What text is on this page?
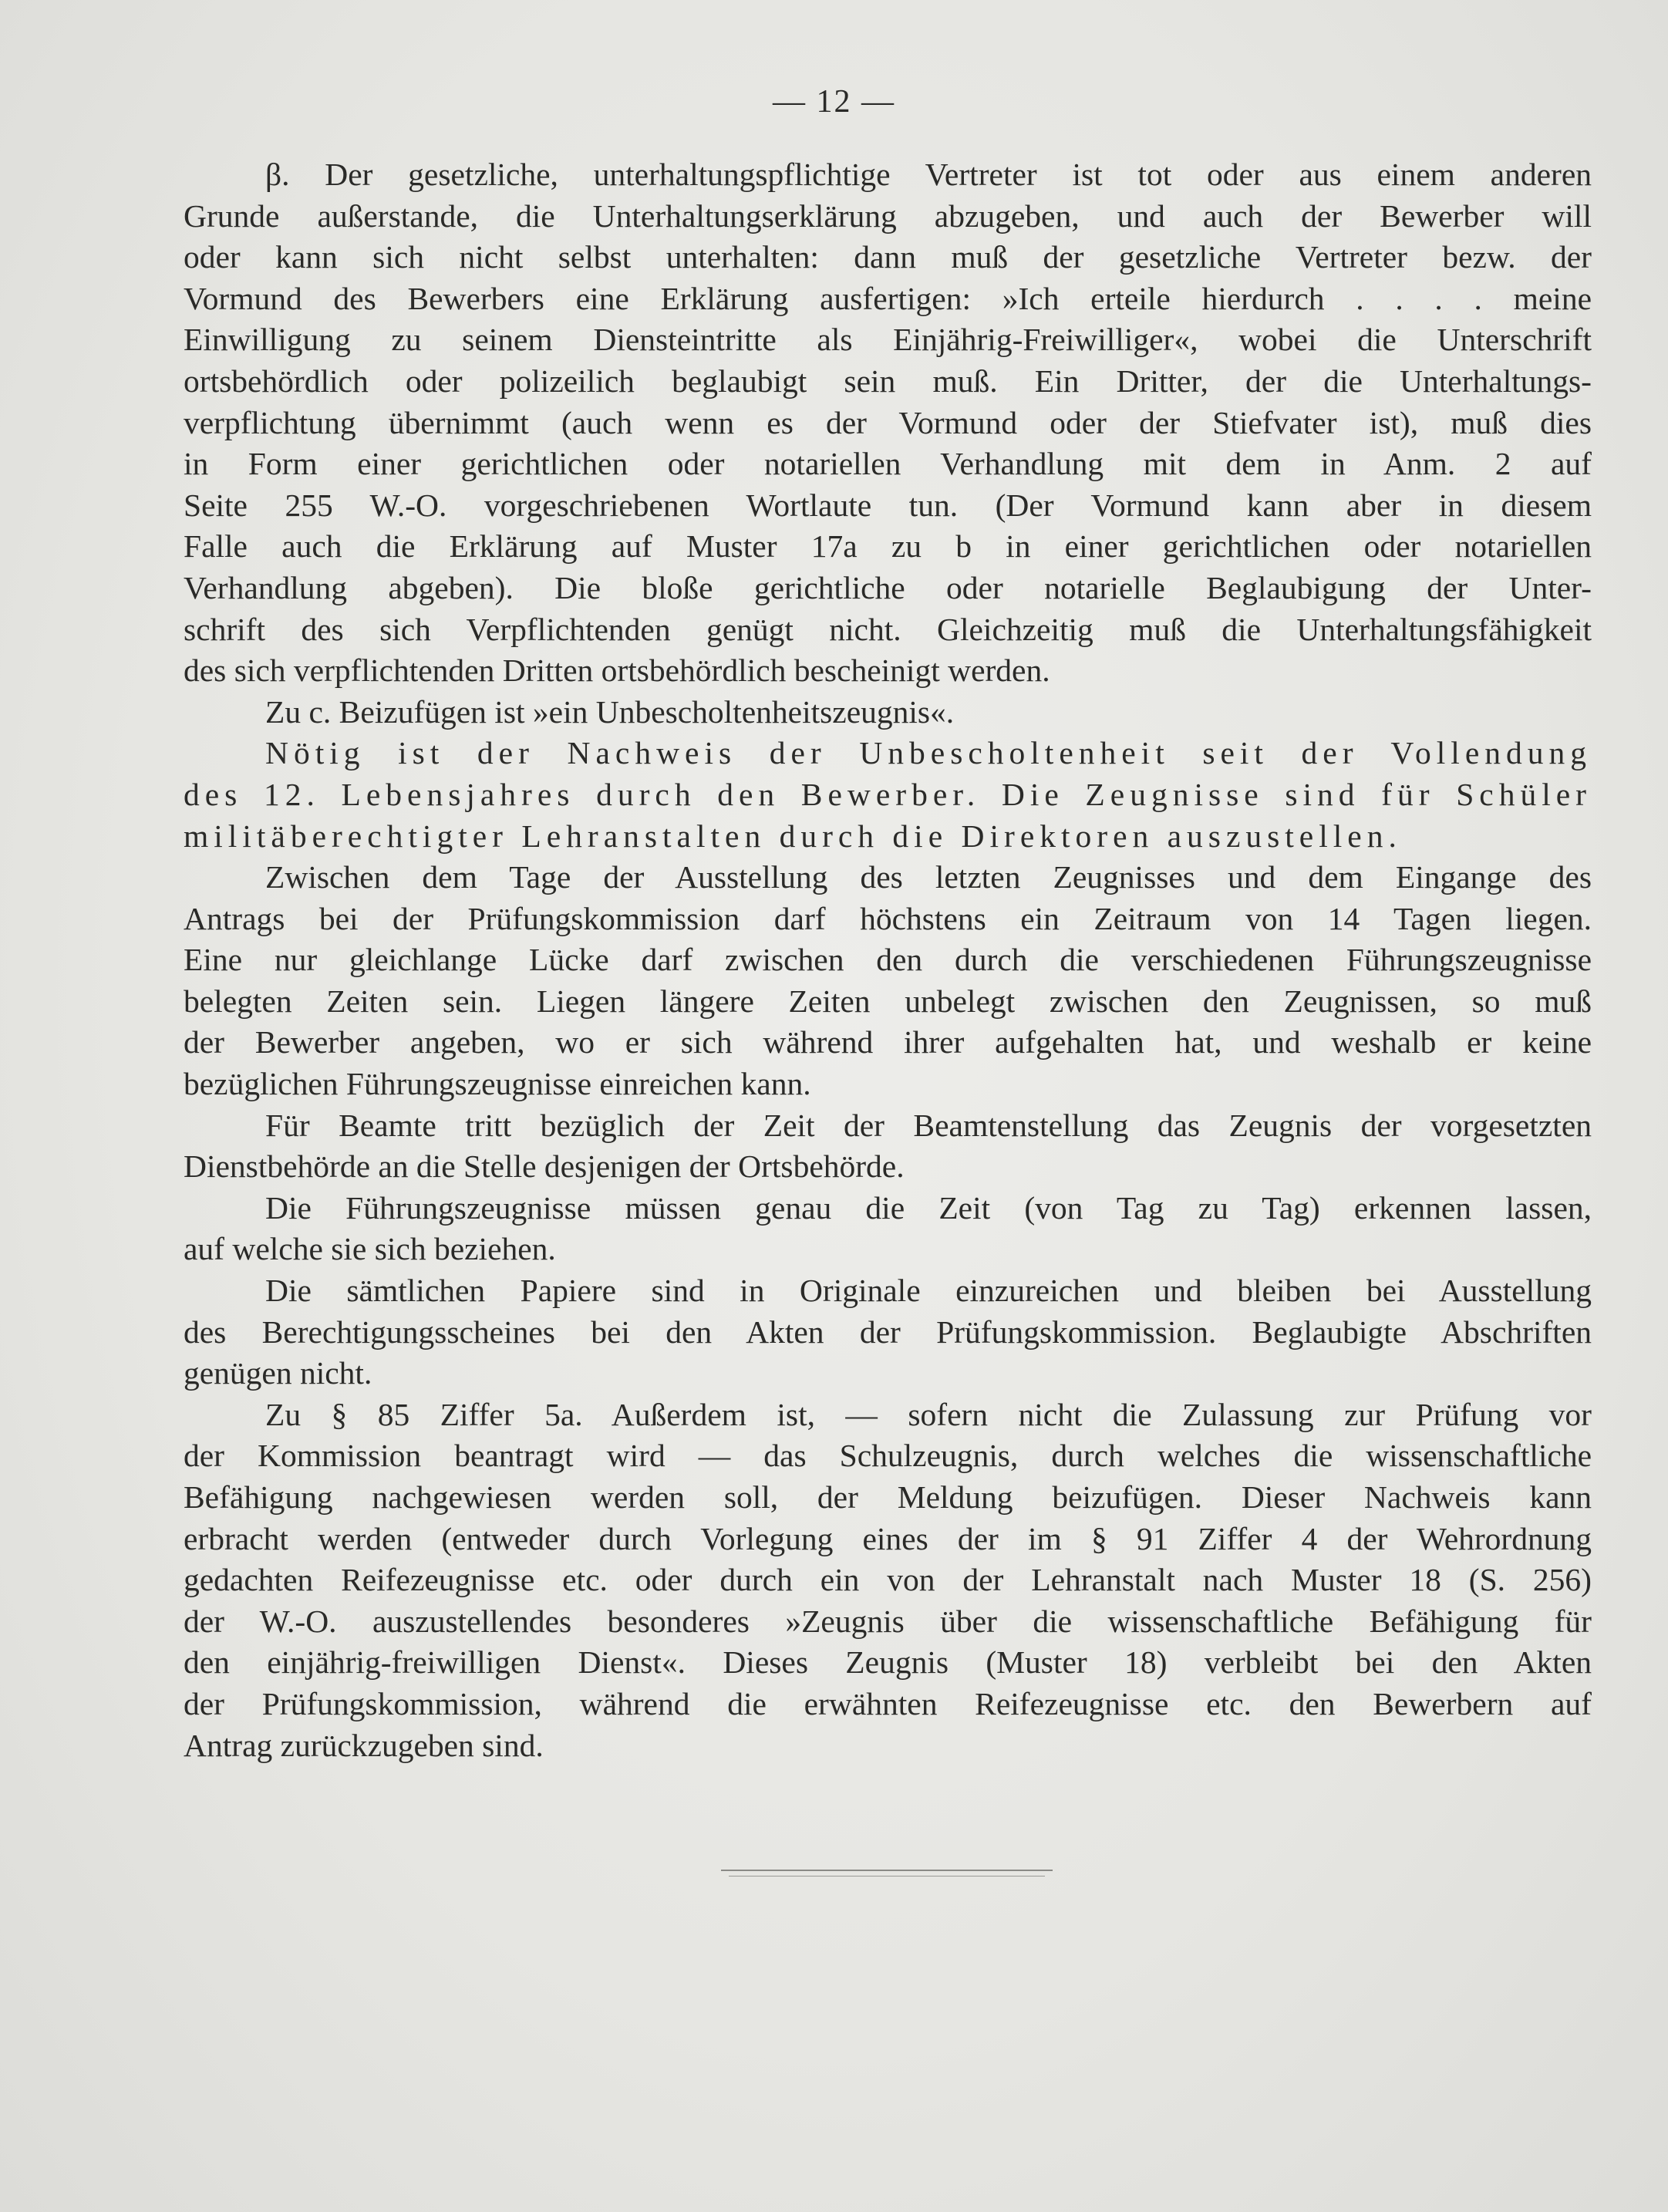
— 12 —
β. Der gesetzliche, unterhaltungspflichtige Vertreter ist tot oder aus einem anderen
Grunde außerstande, die Unterhaltungserklärung abzugeben, und auch der Bewerber will
oder kann sich nicht selbst unterhalten: dann muß der gesetzliche Vertreter bezw. der
Vormund des Bewerbers eine Erklärung ausfertigen: »Ich erteile hierdurch . . . . meine
Einwilligung zu seinem Diensteintritte als Einjährig-Freiwilliger«, wobei die Unterschrift
ortsbehördlich oder polizeilich beglaubigt sein muß. Ein Dritter, der die Unterhaltungs-
verpflichtung übernimmt (auch wenn es der Vormund oder der Stiefvater ist), muß dies
in Form einer gerichtlichen oder notariellen Verhandlung mit dem in Anm. 2 auf
Seite 255 W.-O. vorgeschriebenen Wortlaute tun. (Der Vormund kann aber in diesem
Falle auch die Erklärung auf Muster 17a zu b in einer gerichtlichen oder notariellen
Verhandlung abgeben). Die bloße gerichtliche oder notarielle Beglaubigung der Unter-
schrift des sich Verpflichtenden genügt nicht. Gleichzeitig muß die Unterhaltungsfähigkeit
des sich verpflichtenden Dritten ortsbehördlich bescheinigt werden.
Zu c. Beizufügen ist »ein Unbescholtenheitszeugnis«.
Nötig ist der Nachweis der Unbescholtenheit seit der Vollendung
des 12. Lebensjahres durch den Bewerber. Die Zeugnisse sind für Schüler
militäberechtigter Lehranstalten durch die Direktoren auszustellen.
Zwischen dem Tage der Ausstellung des letzten Zeugnisses und dem Eingange des
Antrags bei der Prüfungskommission darf höchstens ein Zeitraum von 14 Tagen liegen.
Eine nur gleichlange Lücke darf zwischen den durch die verschiedenen Führungszeugnisse
belegten Zeiten sein. Liegen längere Zeiten unbelegt zwischen den Zeugnissen, so muß
der Bewerber angeben, wo er sich während ihrer aufgehalten hat, und weshalb er keine
bezüglichen Führungszeugnisse einreichen kann.
Für Beamte tritt bezüglich der Zeit der Beamtenstellung das Zeugnis der vorgesetzten
Dienstbehörde an die Stelle desjenigen der Ortsbehörde.
Die Führungszeugnisse müssen genau die Zeit (von Tag zu Tag) erkennen lassen,
auf welche sie sich beziehen.
Die sämtlichen Papiere sind in Originale einzureichen und bleiben bei Ausstellung
des Berechtigungsscheines bei den Akten der Prüfungskommission. Beglaubigte Abschriften
genügen nicht.
Zu § 85 Ziffer 5a. Außerdem ist, — sofern nicht die Zulassung zur Prüfung vor
der Kommission beantragt wird — das Schulzeugnis, durch welches die wissenschaftliche
Befähigung nachgewiesen werden soll, der Meldung beizufügen. Dieser Nachweis kann
erbracht werden (entweder durch Vorlegung eines der im § 91 Ziffer 4 der Wehrordnung
gedachten Reifezeugnisse etc. oder durch ein von der Lehranstalt nach Muster 18 (S. 256)
der W.-O. auszustellendes besonderes »Zeugnis über die wissenschaftliche Befähigung für
den einjährig-freiwilligen Dienst«. Dieses Zeugnis (Muster 18) verbleibt bei den Akten
der Prüfungskommission, während die erwähnten Reifezeugnisse etc. den Bewerbern auf
Antrag zurückzugeben sind.
